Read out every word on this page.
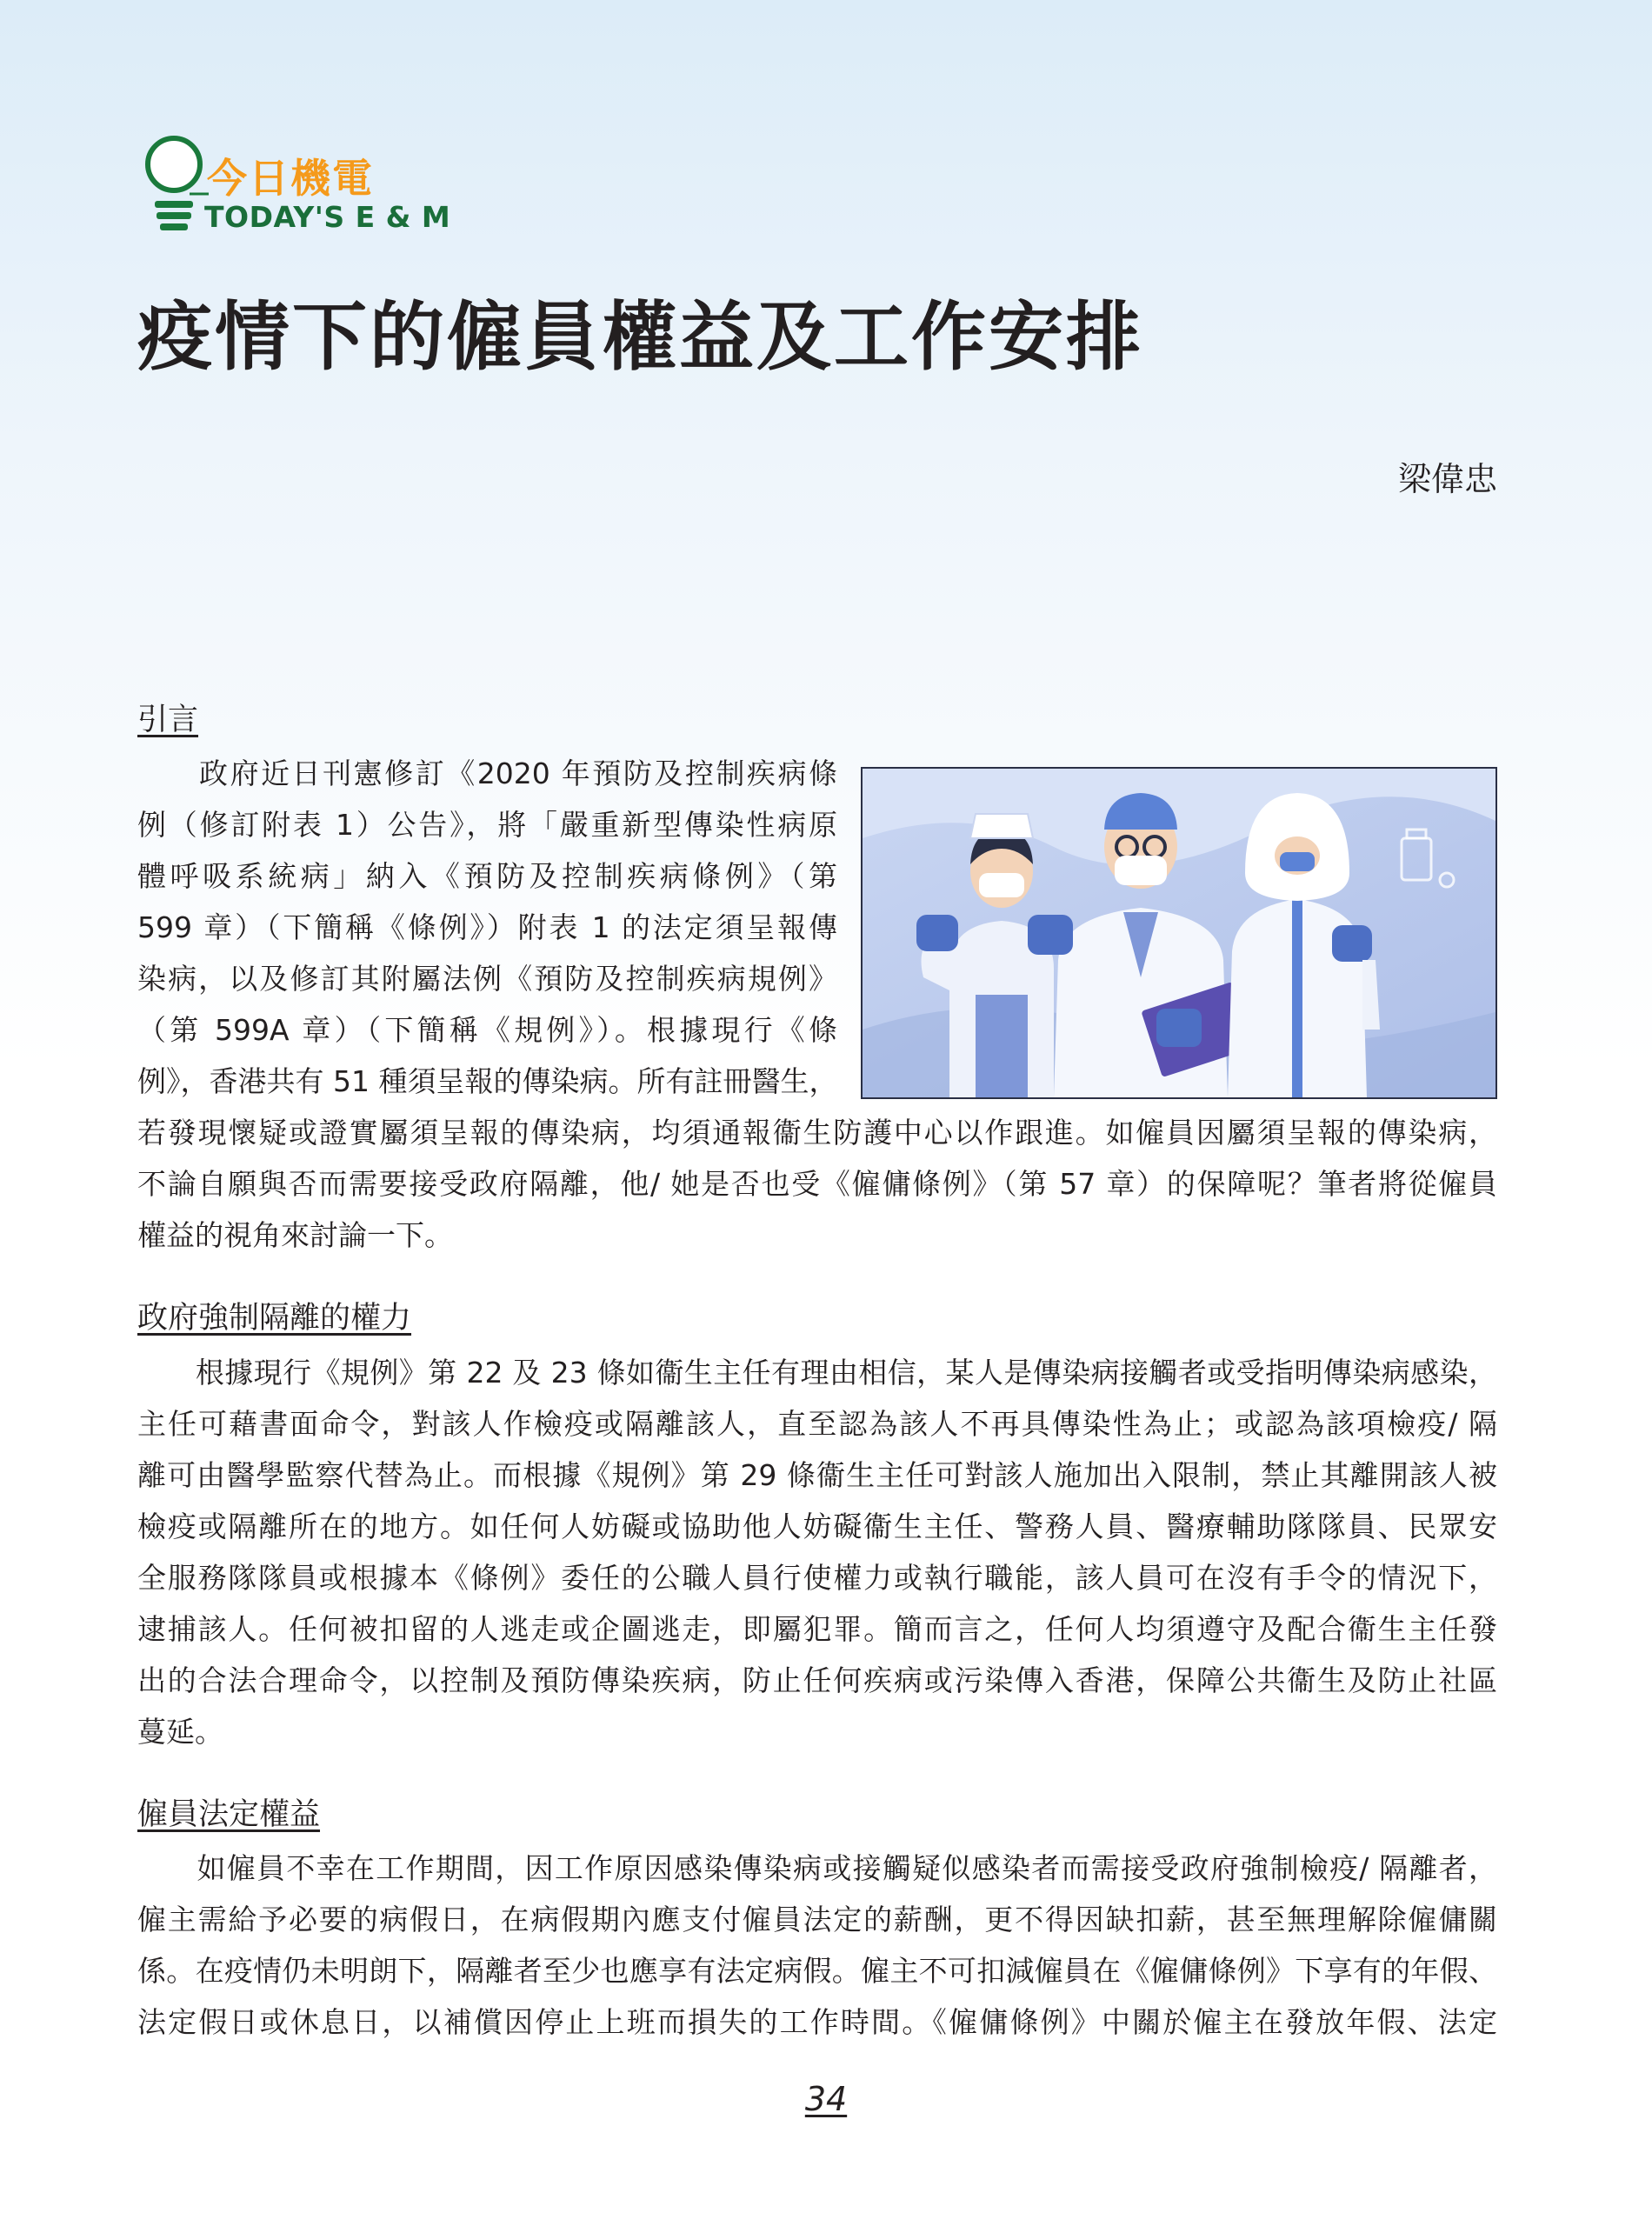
今日機電
TODAY'S E & M
疫情下的僱員權益及工作安排
梁偉忠
引言
　　政府近日刊憲修訂《2020 年預防及控制疾病條
例（修訂附表 1）公告》，將「嚴重新型傳染性病原
體呼吸系統病」納入《預防及控制疾病條例》（第
599 章）（下簡稱《條例》）附表 1 的法定須呈報傳
染病，以及修訂其附屬法例《預防及控制疾病規例》
（第 599A 章）（下簡稱《規例》）。根據現行《條
例》，香港共有 51 種須呈報的傳染病。所有註冊醫生，
若發現懷疑或證實屬須呈報的傳染病，均須通報衞生防護中心以作跟進。如僱員因屬須呈報的傳染病，
不論自願與否而需要接受政府隔離，他/ 她是否也受《僱傭條例》（第 57 章）的保障呢？筆者將從僱員
權益的視角來討論一下。
政府強制隔離的權力
　　根據現行《規例》第 22 及 23 條如衞生主任有理由相信，某人是傳染病接觸者或受指明傳染病感染，
主任可藉書面命令，對該人作檢疫或隔離該人，直至認為該人不再具傳染性為止；或認為該項檢疫/ 隔
離可由醫學監察代替為止。而根據《規例》第 29 條衞生主任可對該人施加出入限制，禁止其離開該人被
檢疫或隔離所在的地方。如任何人妨礙或協助他人妨礙衞生主任、警務人員、醫療輔助隊隊員、民眾安
全服務隊隊員或根據本《條例》委任的公職人員行使權力或執行職能，該人員可在沒有手令的情況下，
逮捕該人。任何被扣留的人逃走或企圖逃走，即屬犯罪。簡而言之，任何人均須遵守及配合衞生主任發
出的合法合理命令，以控制及預防傳染疾病，防止任何疾病或污染傳入香港，保障公共衞生及防止社區
蔓延。
僱員法定權益
　　如僱員不幸在工作期間，因工作原因感染傳染病或接觸疑似感染者而需接受政府強制檢疫/ 隔離者，
僱主需給予必要的病假日，在病假期內應支付僱員法定的薪酬，更不得因缺扣薪，甚至無理解除僱傭關
係。在疫情仍未明朗下，隔離者至少也應享有法定病假。僱主不可扣減僱員在《僱傭條例》下享有的年假、
法定假日或休息日，以補償因停止上班而損失的工作時間。《僱傭條例》中關於僱主在發放年假、法定
34
